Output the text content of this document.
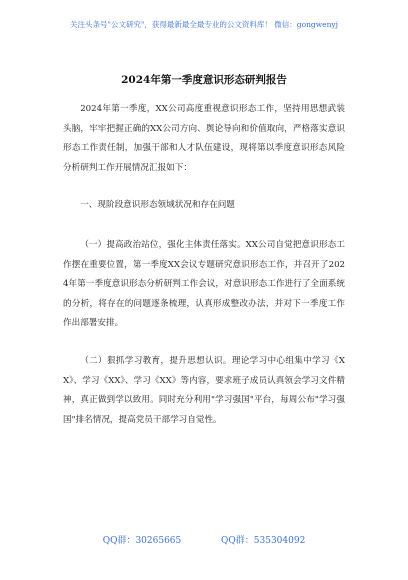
关注头条号"公文研究"，获得最新最全最专业的公文资料库！ 微信：gongwenyj
2024年第一季度意识形态研判报告

2024年第一季度，XX公司高度重视意识形态工作，坚持用思想武装头脑，牢牢把握正确的XX公司方向、舆论导向和价值取向，严格落实意识形态工作责任制，加强干部和人才队伍建设，现将第以季度意识形态风险分析研判工作开展情况汇报如下：

一、现阶段意识形态领域状况和存在问题

（一）提高政治站位，强化主体责任落实。XX公司自觉把意识形态工作摆在重要位置，第一季度XX会议专题研究意识形态工作，并召开了2024年第一季度意识形态分析研判工作会议，对意识形态工作进行了全面系统的分析，将存在的问题逐条梳理，认真形成整改办法，并对下一季度工作作出部署安排。

（二）狠抓学习教育，提升思想认识。理论学习中心组集中学习《XX》、学习《XX》、学习《XX》等内容，要求班子成员认真领会学习文件精神，真正做到学以致用。同时充分利用"学习强国"平台，每周公布"学习强国"排名情况，提高党员干部学习自觉性。

QQ群：30265665	QQ群：535304092
